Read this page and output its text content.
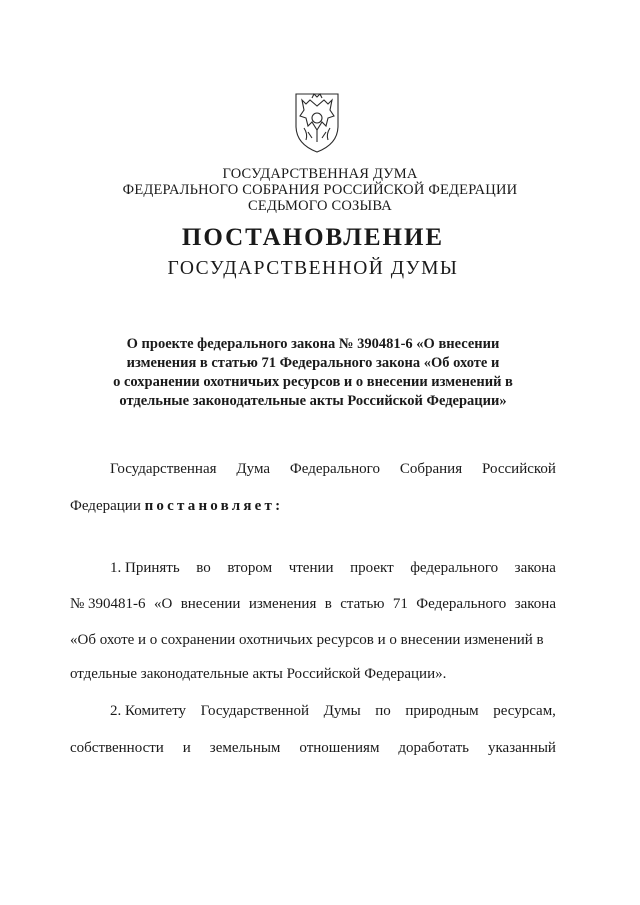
ГОСУДАРСТВЕННАЯ ДУМА
ФЕДЕРАЛЬНОГО СОБРАНИЯ РОССИЙСКОЙ ФЕДЕРАЦИИ
СЕДЬМОГО СОЗЫВА
ПОСТАНОВЛЕНИЕ
ГОСУДАРСТВЕННОЙ ДУМЫ
О проекте федерального закона № 390481-6 «О внесении
изменения в статью 71 Федерального закона «Об охоте и
о сохранении охотничьих ресурсов и о внесении изменений в
отдельные законодательные акты Российской Федерации»
Государственная Дума Федерального Собрания Российской
Федерации постановляет:
1. Принять во втором чтении проект федерального закона
№ 390481-6 «О внесении изменения в статью 71 Федерального закона
«Об охоте и о сохранении охотничьих ресурсов и о внесении изменений в
отдельные законодательные акты Российской Федерации».
2. Комитету Государственной Думы по природным ресурсам,
собственности и земельным отношениям доработать указанный
